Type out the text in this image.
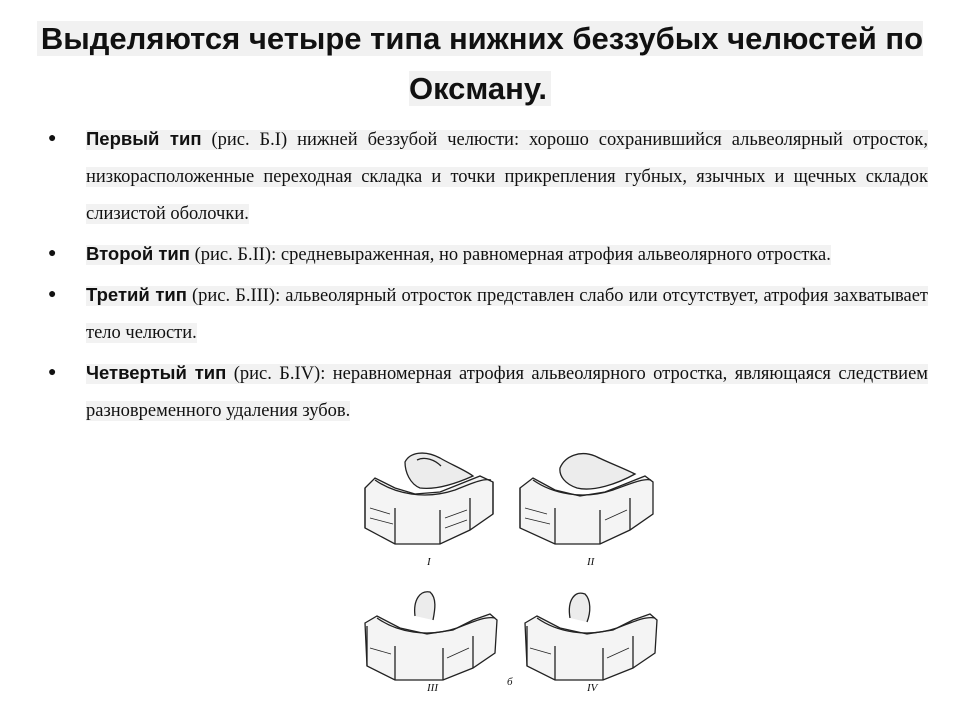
Выделяются четыре типа нижних беззубых челюстей по Оксману.
● Первый тип (рис. Б.I) нижней беззубой челюсти: хорошо сохранившийся альвеолярный отросток, низкорасположенные переходная складка и точки прикрепления губных, язычных и щечных складок слизистой оболочки.
● Второй тип (рис. Б.II): средневыраженная, но равномерная атрофия альвеолярного отростка.
● Третий тип (рис. Б.III): альвеолярный отросток представлен слабо или отсутствует, атрофия захватывает тело челюсти.
● Четвертый тип (рис. Б.IV): неравномерная атрофия альвеолярного отростка, являющаяся следствием разновременного удаления зубов.
I	II
III	б	IV
